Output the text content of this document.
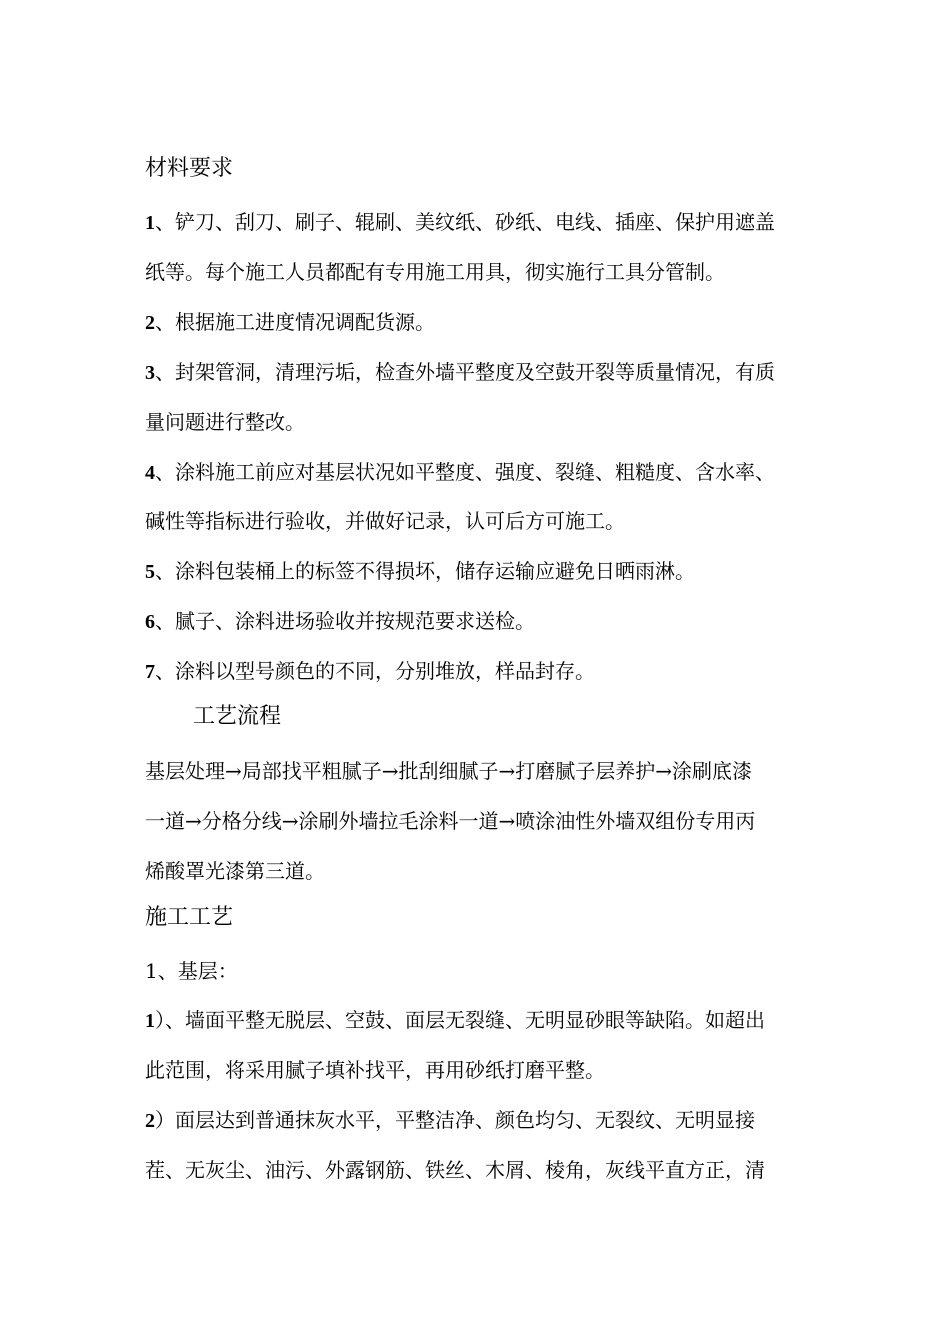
材料要求
1、铲刀、刮刀、刷子、辊刷、美纹纸、砂纸、电线、插座、保护用遮盖
纸等。每个施工人员都配有专用施工用具，彻实施行工具分管制。
2、根据施工进度情况调配货源。
3、封架管洞，清理污垢，检查外墙平整度及空鼓开裂等质量情况，有质
量问题进行整改。
4、涂料施工前应对基层状况如平整度、强度、裂缝、粗糙度、含水率、
碱性等指标进行验收，并做好记录，认可后方可施工。
5、涂料包装桶上的标签不得损坏，储存运输应避免日晒雨淋。
6、腻子、涂料进场验收并按规范要求送检。
7、涂料以型号颜色的不同，分别堆放，样品封存。
工艺流程
基层处理→局部找平粗腻子→批刮细腻子→打磨腻子层养护→涂刷底漆
一道→分格分线→涂刷外墙拉毛涂料一道→喷涂油性外墙双组份专用丙
烯酸罩光漆第三道。
施工工艺
1、基层：
1）、墙面平整无脱层、空鼓、面层无裂缝、无明显砂眼等缺陷。如超出
此范围，将采用腻子填补找平，再用砂纸打磨平整。
2）面层达到普通抹灰水平，平整洁净、颜色均匀、无裂纹、无明显接
茬、无灰尘、油污、外露钢筋、铁丝、木屑、棱角，灰线平直方正，清
